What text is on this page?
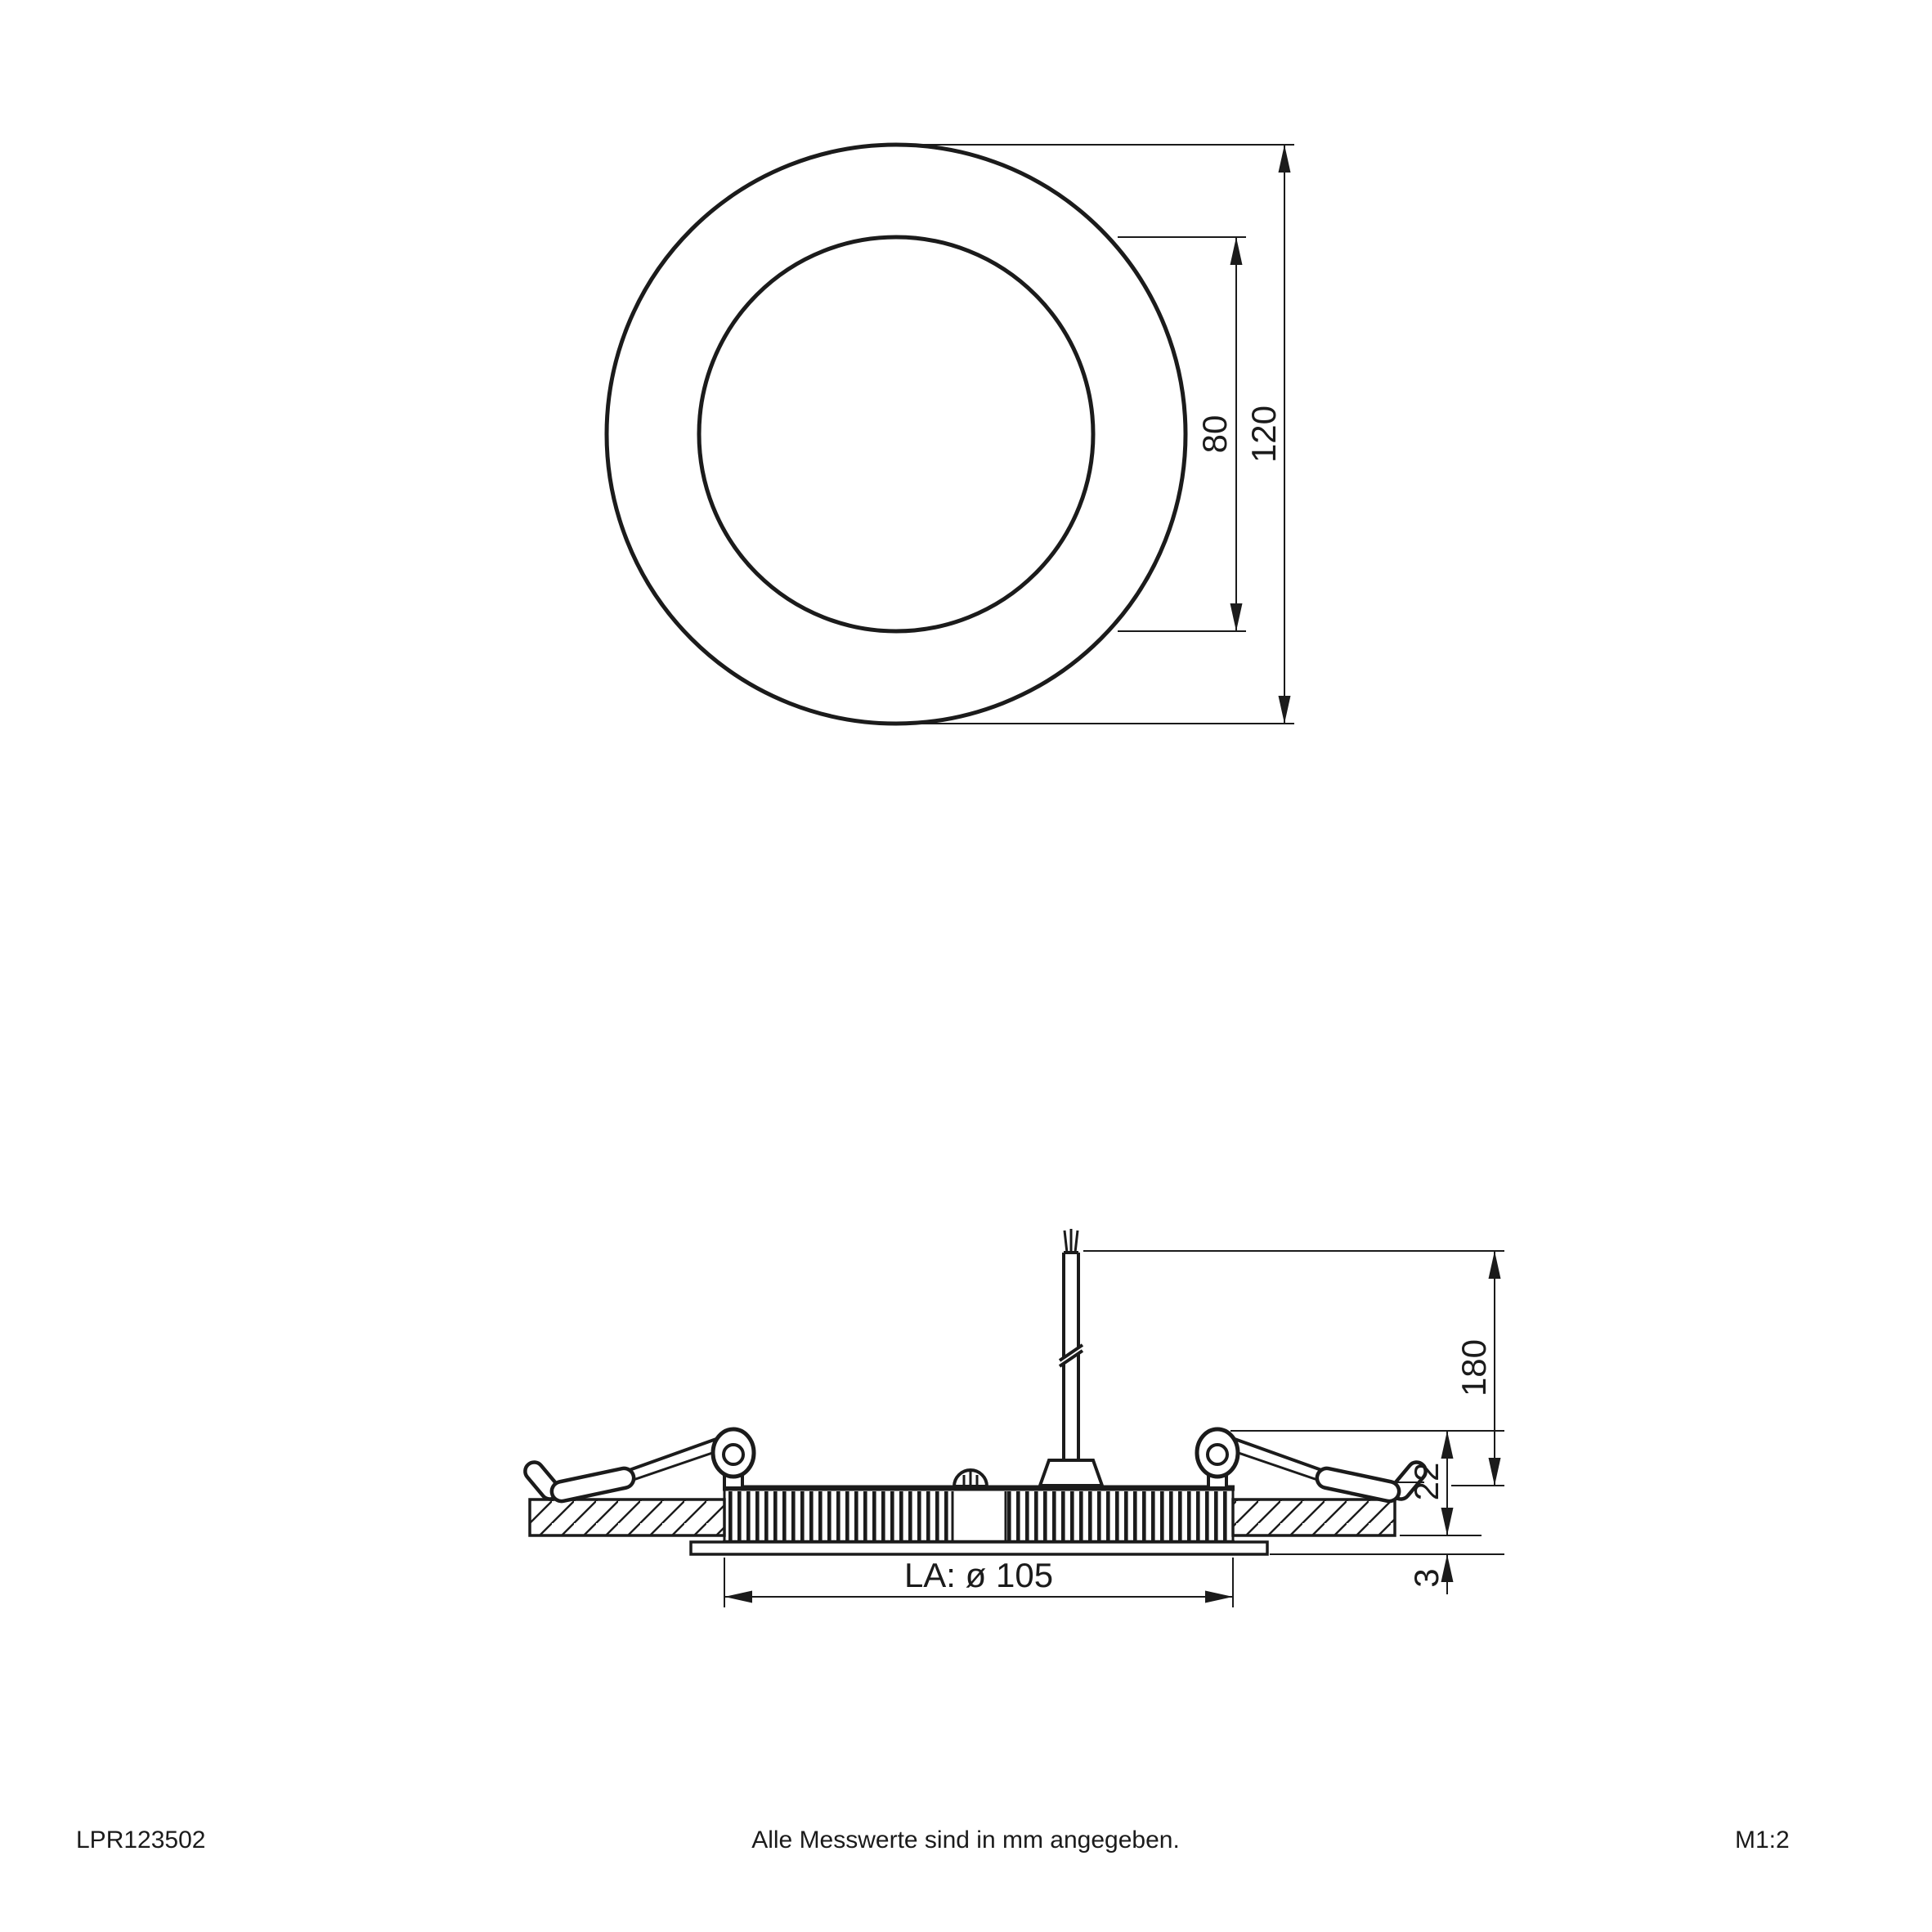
120
80
180
22
3
LA: ø 105
LPR123502	Alle Messwerte sind in mm angegeben.	M1:2
